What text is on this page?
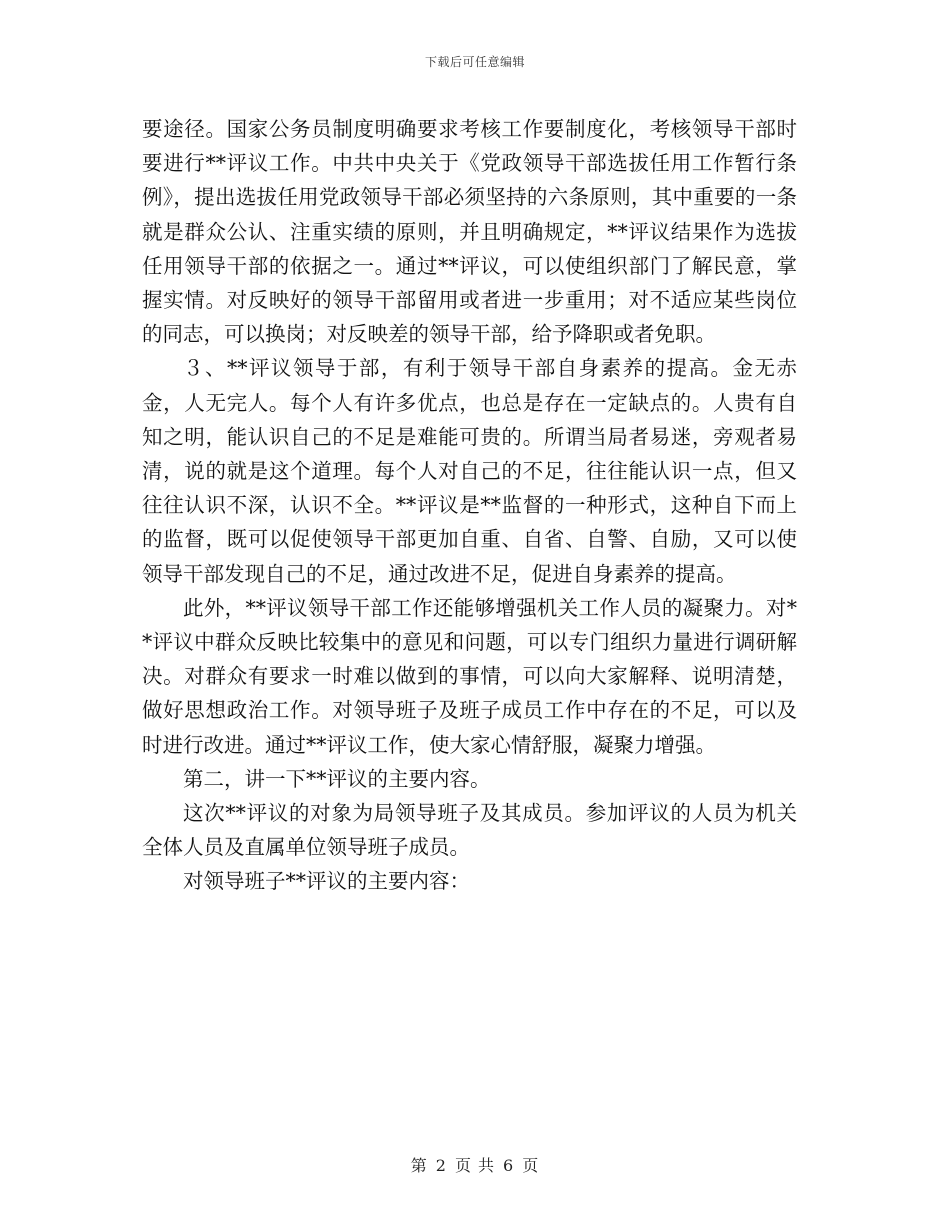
下载后可任意编辑

要途径。国家公务员制度明确要求考核工作要制度化，考核领导干部时要进行**评议工作。中共中央关于《党政领导干部选拔任用工作暂行条例》，提出选拔任用党政领导干部必须坚持的六条原则，其中重要的一条就是群众公认、注重实绩的原则，并且明确规定，**评议结果作为选拔任用领导干部的依据之一。通过**评议，可以使组织部门了解民意，掌握实情。对反映好的领导干部留用或者进一步重用；对不适应某些岗位的同志，可以换岗；对反映差的领导干部，给予降职或者免职。

３、**评议领导于部，有利于领导干部自身素养的提高。金无赤金，人无完人。每个人有许多优点，也总是存在一定缺点的。人贵有自知之明，能认识自己的不足是难能可贵的。所谓当局者易迷，旁观者易清，说的就是这个道理。每个人对自己的不足，往往能认识一点，但又往往认识不深，认识不全。**评议是**监督的一种形式，这种自下而上的监督，既可以促使领导干部更加自重、自省、自警、自励，又可以使领导干部发现自己的不足，通过改进不足，促进自身素养的提高。

此外，**评议领导干部工作还能够增强机关工作人员的凝聚力。对**评议中群众反映比较集中的意见和问题，可以专门组织力量进行调研解决。对群众有要求一时难以做到的事情，可以向大家解释、说明清楚，做好思想政治工作。对领导班子及班子成员工作中存在的不足，可以及时进行改进。通过**评议工作，使大家心情舒服，凝聚力增强。

第二，讲一下**评议的主要内容。

这次**评议的对象为局领导班子及其成员。参加评议的人员为机关全体人员及直属单位领导班子成员。

对领导班子**评议的主要内容：

第 2 页 共 6 页
